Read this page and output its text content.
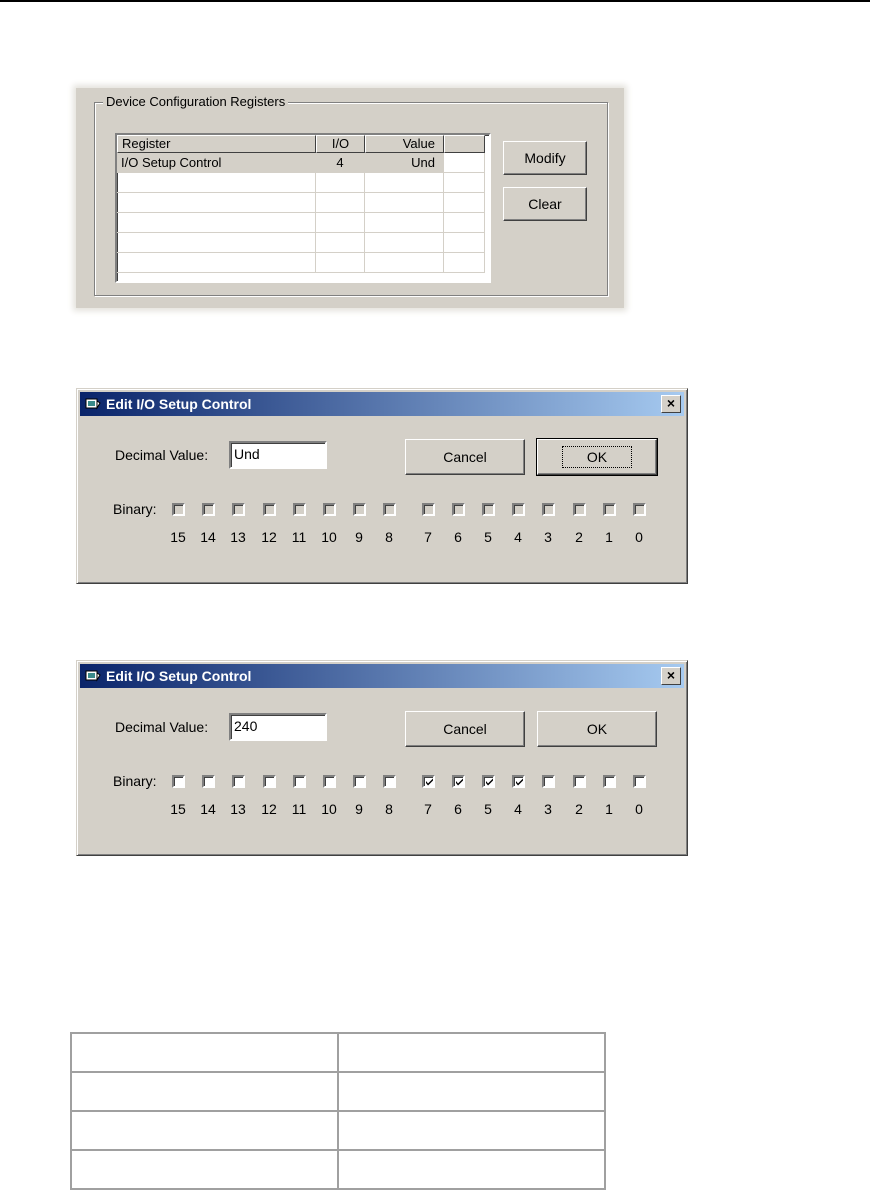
Device Configuration Registers
Register	I/O	Value
I/O Setup Control	4	Und	Modify
Clear
Edit I/O Setup Control	×
Decimal Value:	Und	Cancel	OK
Binary:
15	14	13	12	11	10	9	8	7	6	5	4	3	2	1	0
Edit I/O Setup Control	×
Decimal Value:	240	Cancel	OK
Binary:
15	14	13	12	11	10	9	8	7	6	5	4	3	2	1	0
